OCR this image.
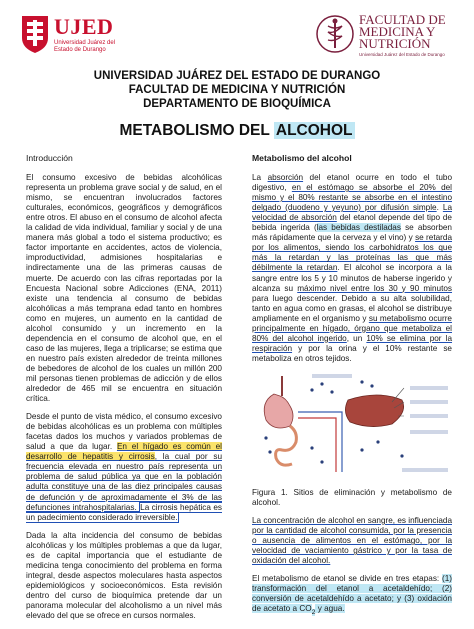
UJED
Universidad Juárez del Estado de Durango
FACULTAD DE
MEDICINA Y
NUTRICIÓN
Universidad Juárez del Estado de Durango
UNIVERSIDAD JUÁREZ DEL ESTADO DE DURANGO
FACULTAD DE MEDICINA Y NUTRICIÓN
DEPARTAMENTO DE BIOQUÍMICA
METABOLISMO DEL ALCOHOL
Introducción

El consumo excesivo de bebidas alcohólicas representa un problema grave social y de salud, en el mismo, se encuentran involucrados factores culturales, económicos, geográficos y demográficos entre otros. El abuso en el consumo de alcohol afecta la calidad de vida individual, familiar y social y de una manera más global a todo el sistema productivo; es factor importante en accidentes, actos de violencia, improductividad, admisiones hospitalarias e indirectamente una de las primeras causas de muerte. De acuerdo con las cifras reportadas por la Encuesta Nacional sobre Adicciones (ENA, 2011) existe una tendencia al consumo de bebidas alcohólicas a más temprana edad tanto en hombres como en mujeres, un aumento en la cantidad de alcohol consumido y un incremento en la dependencia en el consumo de alcohol que, en el caso de las mujeres, llega a triplicarse; se estima que en nuestro país existen alrededor de treinta millones de bebedores de alcohol de los cuales un millón 200 mil personas tienen problemas de adicción y de ellos alrededor de 465 mil se encuentra en situación crítica.

Desde el punto de vista médico, el consumo excesivo de bebidas alcohólicas es un problema con múltiples facetas dados los muchos y variados problemas de salud a que da lugar. En el hígado es común el desarrollo de hepatitis y cirrosis, la cual por su frecuencia elevada en nuestro país representa un problema de salud pública ya que en la población adulta constituye una de las diez principales causas de defunción y de aproximadamente el 3% de las defunciones intrahospitalarias. La cirrosis hepática es un padecimiento considerado irreversible.

Dada la alta incidencia del consumo de bebidas alcohólicas y los múltiples problemas a que da lugar, es de capital importancia que el estudiante de medicina tenga conocimiento del problema en forma integral, desde aspectos moleculares hasta aspectos epidemiológicos y socioeconómicos. Esta revisión dentro del curso de bioquímica pretende dar un panorama molecular del alcoholismo a un nivel más elevado del que se ofrece en cursos normales.

Metabolismo del alcohol

La absorción del etanol ocurre en todo el tubo digestivo, en el estómago se absorbe el 20% del mismo y el 80% restante se absorbe en el intestino delgado (duodeno y yeyuno) por difusión simple. La velocidad de absorción del etanol depende del tipo de bebida ingerida (las bebidas destiladas se absorben más rápidamente que la cerveza y el vino) y se retarda por los alimentos, siendo los carbohidratos los que más la retardan y las proteínas las que más débilmente la retardan. El alcohol se incorpora a la sangre entre los 5 y 10 minutos de haberse ingerido y alcanza su máximo nivel entre los 30 y 90 minutos para luego descender. Debido a su alta solubilidad, tanto en agua como en grasas, el alcohol se distribuye ampliamente en el organismo y su metabolismo ocurre principalmente en hígado, órgano que metaboliza el 80% del alcohol ingerido, un 10% se elimina por la respiración y por la orina y el 10% restante se metaboliza en otros tejidos.

Figura 1. Sitios de eliminación y metabolismo de alcohol.

La concentración de alcohol en sangre, es influenciada por la cantidad de alcohol consumida, por la presencia o ausencia de alimentos en el estómago, por la velocidad de vaciamiento gástrico y por la tasa de oxidación del alcohol.

El metabolismo de etanol se divide en tres etapas: (1) transformación del etanol a acetaldehído; (2) conversión de acetaldehído a acetato; y (3) oxidación de acetato a $CO_2$ y agua.
